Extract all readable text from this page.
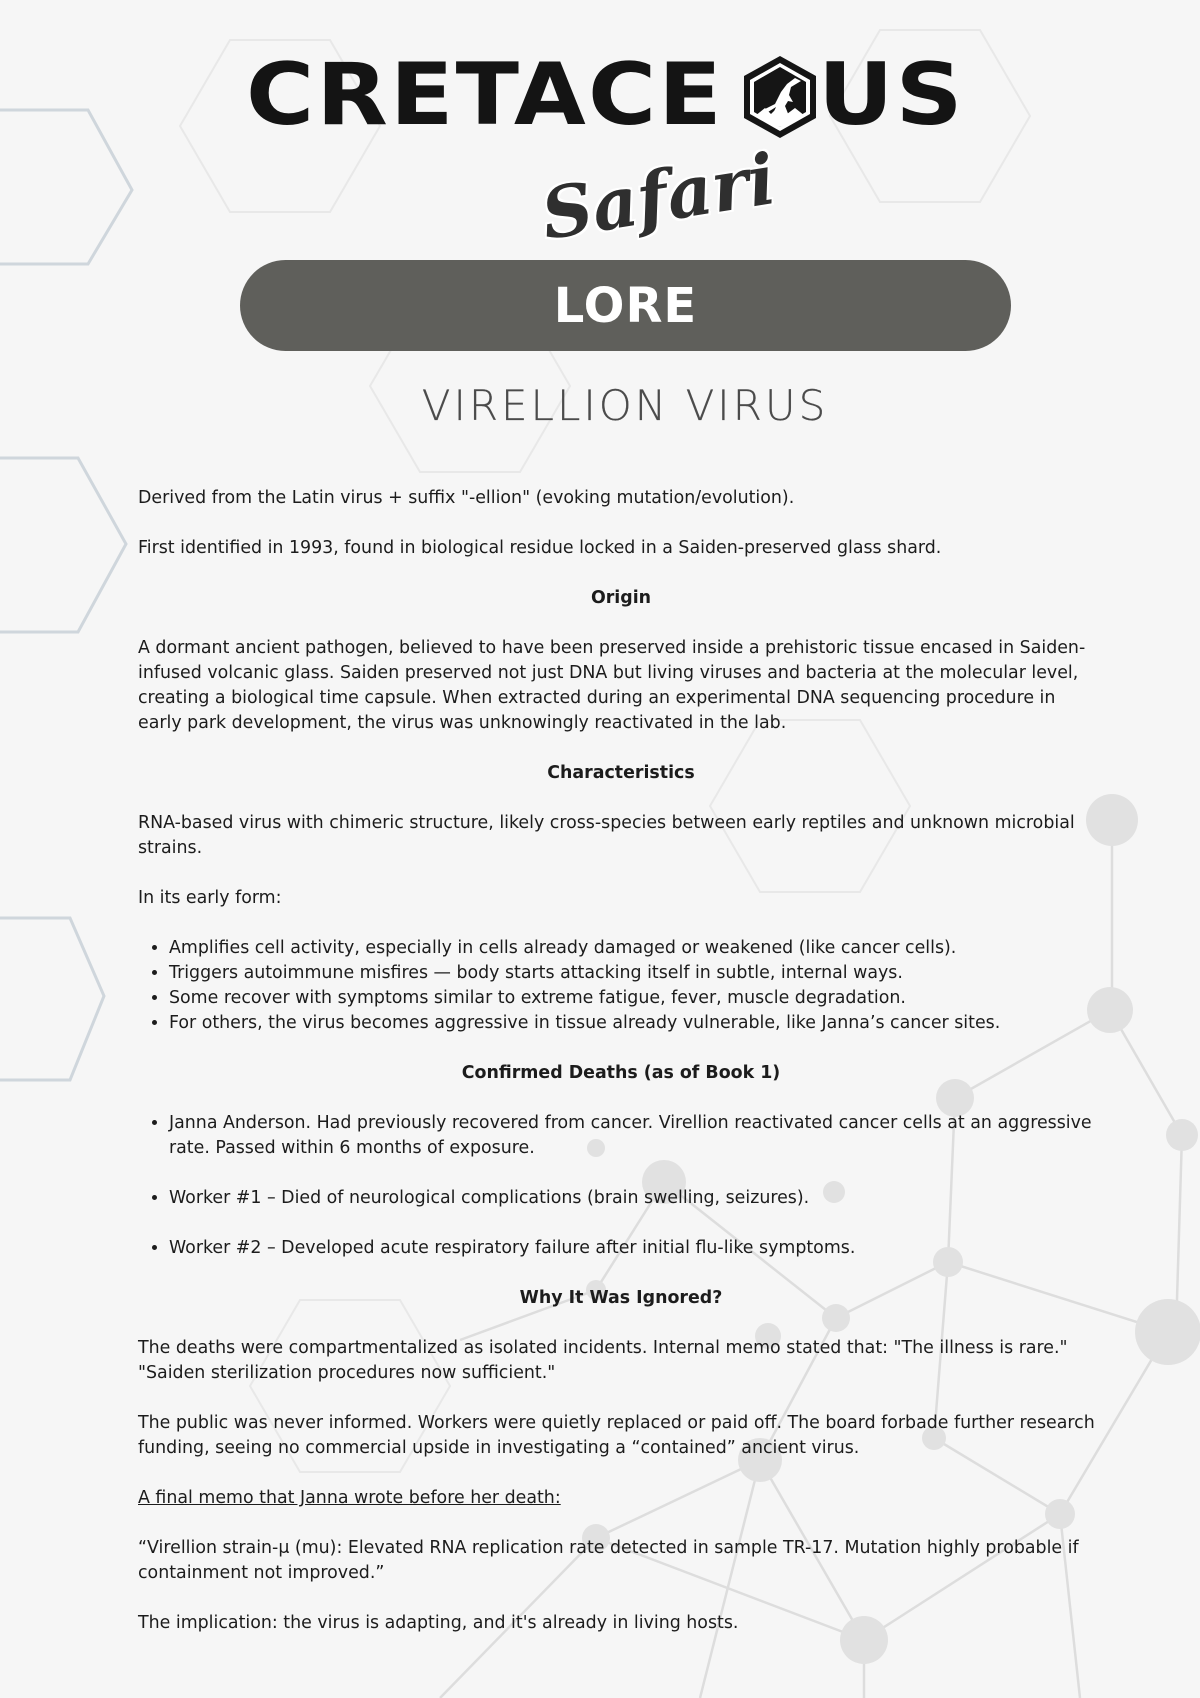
CRETACE US
Safari
LORE
VIRELLION VIRUS

Derived from the Latin virus + suffix "-ellion" (evoking mutation/evolution).

First identified in 1993, found in biological residue locked in a Saiden-preserved glass shard.

Origin

A dormant ancient pathogen, believed to have been preserved inside a prehistoric tissue encased in Saiden-infused volcanic glass. Saiden preserved not just DNA but living viruses and bacteria at the molecular level, creating a biological time capsule. When extracted during an experimental DNA sequencing procedure in early park development, the virus was unknowingly reactivated in the lab.

Characteristics

RNA-based virus with chimeric structure, likely cross-species between early reptiles and unknown microbial strains.

In its early form:

• Amplifies cell activity, especially in cells already damaged or weakened (like cancer cells).
• Triggers autoimmune misfires — body starts attacking itself in subtle, internal ways.
• Some recover with symptoms similar to extreme fatigue, fever, muscle degradation.
• For others, the virus becomes aggressive in tissue already vulnerable, like Janna’s cancer sites.
Confirmed Deaths (as of Book 1)
• Janna Anderson. Had previously recovered from cancer. Virellion reactivated cancer cells at an aggressive rate. Passed within 6 months of exposure.
• Worker #1 – Died of neurological complications (brain swelling, seizures).
• Worker #2 – Developed acute respiratory failure after initial flu-like symptoms.
Why It Was Ignored?

The deaths were compartmentalized as isolated incidents. Internal memo stated that: "The illness is rare." "Saiden sterilization procedures now sufficient."

The public was never informed. Workers were quietly replaced or paid off. The board forbade further research funding, seeing no commercial upside in investigating a “contained” ancient virus.

A final memo that Janna wrote before her death:

“Virellion strain-μ (mu): Elevated RNA replication rate detected in sample TR-17. Mutation highly probable if containment not improved.”

The implication: the virus is adapting, and it's already in living hosts.
